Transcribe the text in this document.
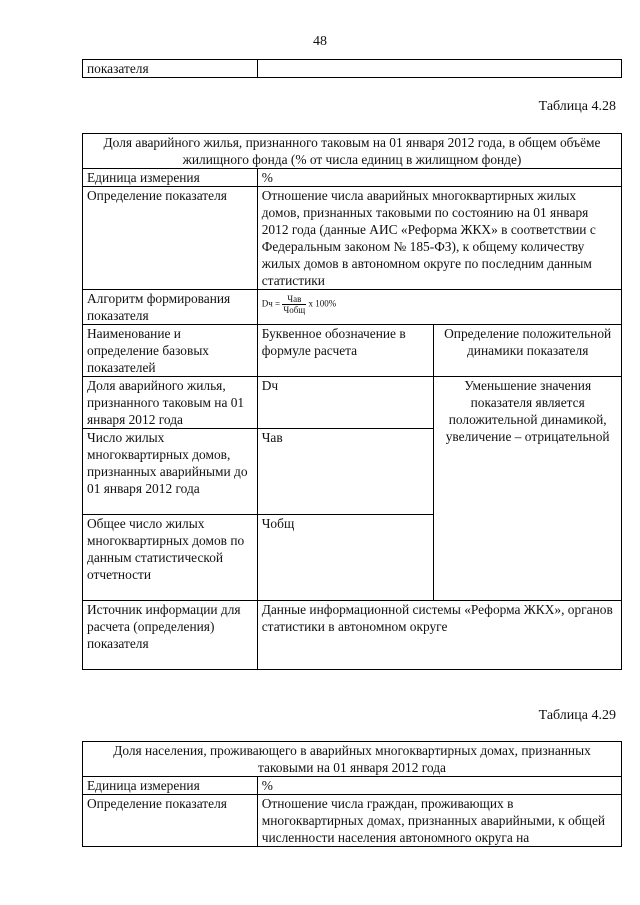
48
показателя	
Таблица 4.28
Доля аварийного жилья, признанного таковым на 01 января 2012 года, в общем объёме жилищного фонда (% от числа единиц в жилищном фонде)		
Единица измерения	%	
Определение показателя	Отношение числа аварийных многоквартирных жилых домов, признанных таковыми по состоянию на 01 января 2012 года (данные АИС «Реформа ЖКХ» в соответствии с Федеральным законом № 185-ФЗ), к общему количеству жилых домов в автономном округе по последним данным статистики	
Алгоритм формирования показателя	Dч = $\frac{\text{Чав}}{\text{Чобщ}}$ x 100%	
Наименование и определение базовых показателей	Буквенное обозначение в формуле расчета	Определение положительной динамики показателя
Доля аварийного жилья, признанного таковым на 01 января 2012 года	Dч	Уменьшение значения показателя является положительной динамикой, увеличение – отрицательной
Число жилых многоквартирных домов, признанных аварийными до 01 января 2012 года	Чав	
Общее число жилых многоквартирных домов по данным статистической отчетности	Чобщ	
Источник информации для расчета (определения) показателя	Данные информационной системы «Реформа ЖКХ», органов статистики в автономном округе	
Таблица 4.29
Доля населения, проживающего в аварийных многоквартирных домах, признанных таковыми на 01 января 2012 года	
Единица измерения	%
Определение показателя	Отношение числа граждан, проживающих в многоквартирных домах, признанных аварийными, к общей численности населения автономного округа на
